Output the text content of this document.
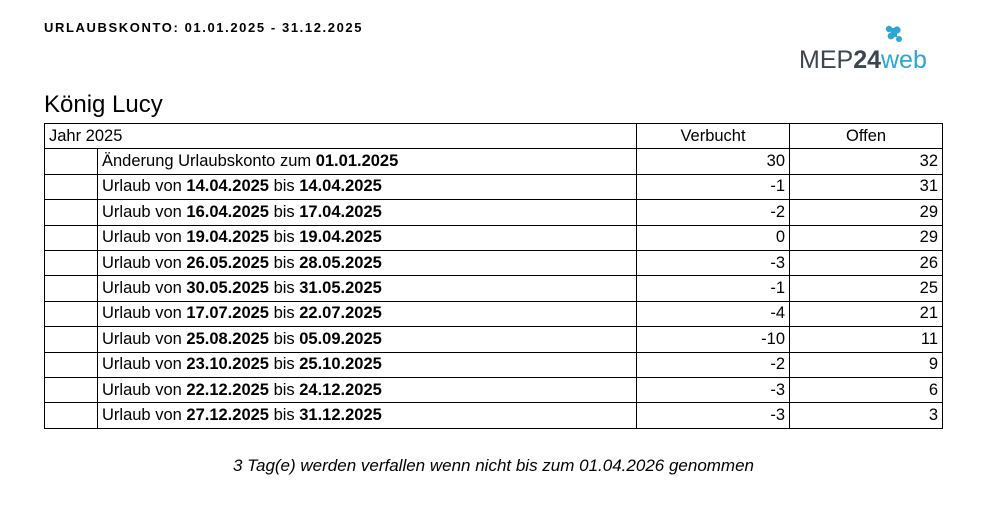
URLAUBSKONTO: 01.01.2025 - 31.12.2025
MEP24web
König Lucy
Jahr 2025		Verbucht	Offen
	Änderung Urlaubskonto zum 01.01.2025	30	32
	Urlaub von 14.04.2025 bis 14.04.2025	-1	31
	Urlaub von 16.04.2025 bis 17.04.2025	-2	29
	Urlaub von 19.04.2025 bis 19.04.2025	0	29
	Urlaub von 26.05.2025 bis 28.05.2025	-3	26
	Urlaub von 30.05.2025 bis 31.05.2025	-1	25
	Urlaub von 17.07.2025 bis 22.07.2025	-4	21
	Urlaub von 25.08.2025 bis 05.09.2025	-10	11
	Urlaub von 23.10.2025 bis 25.10.2025	-2	9
	Urlaub von 22.12.2025 bis 24.12.2025	-3	6
	Urlaub von 27.12.2025 bis 31.12.2025	-3	3
3 Tag(e) werden verfallen wenn nicht bis zum 01.04.2026 genommen
